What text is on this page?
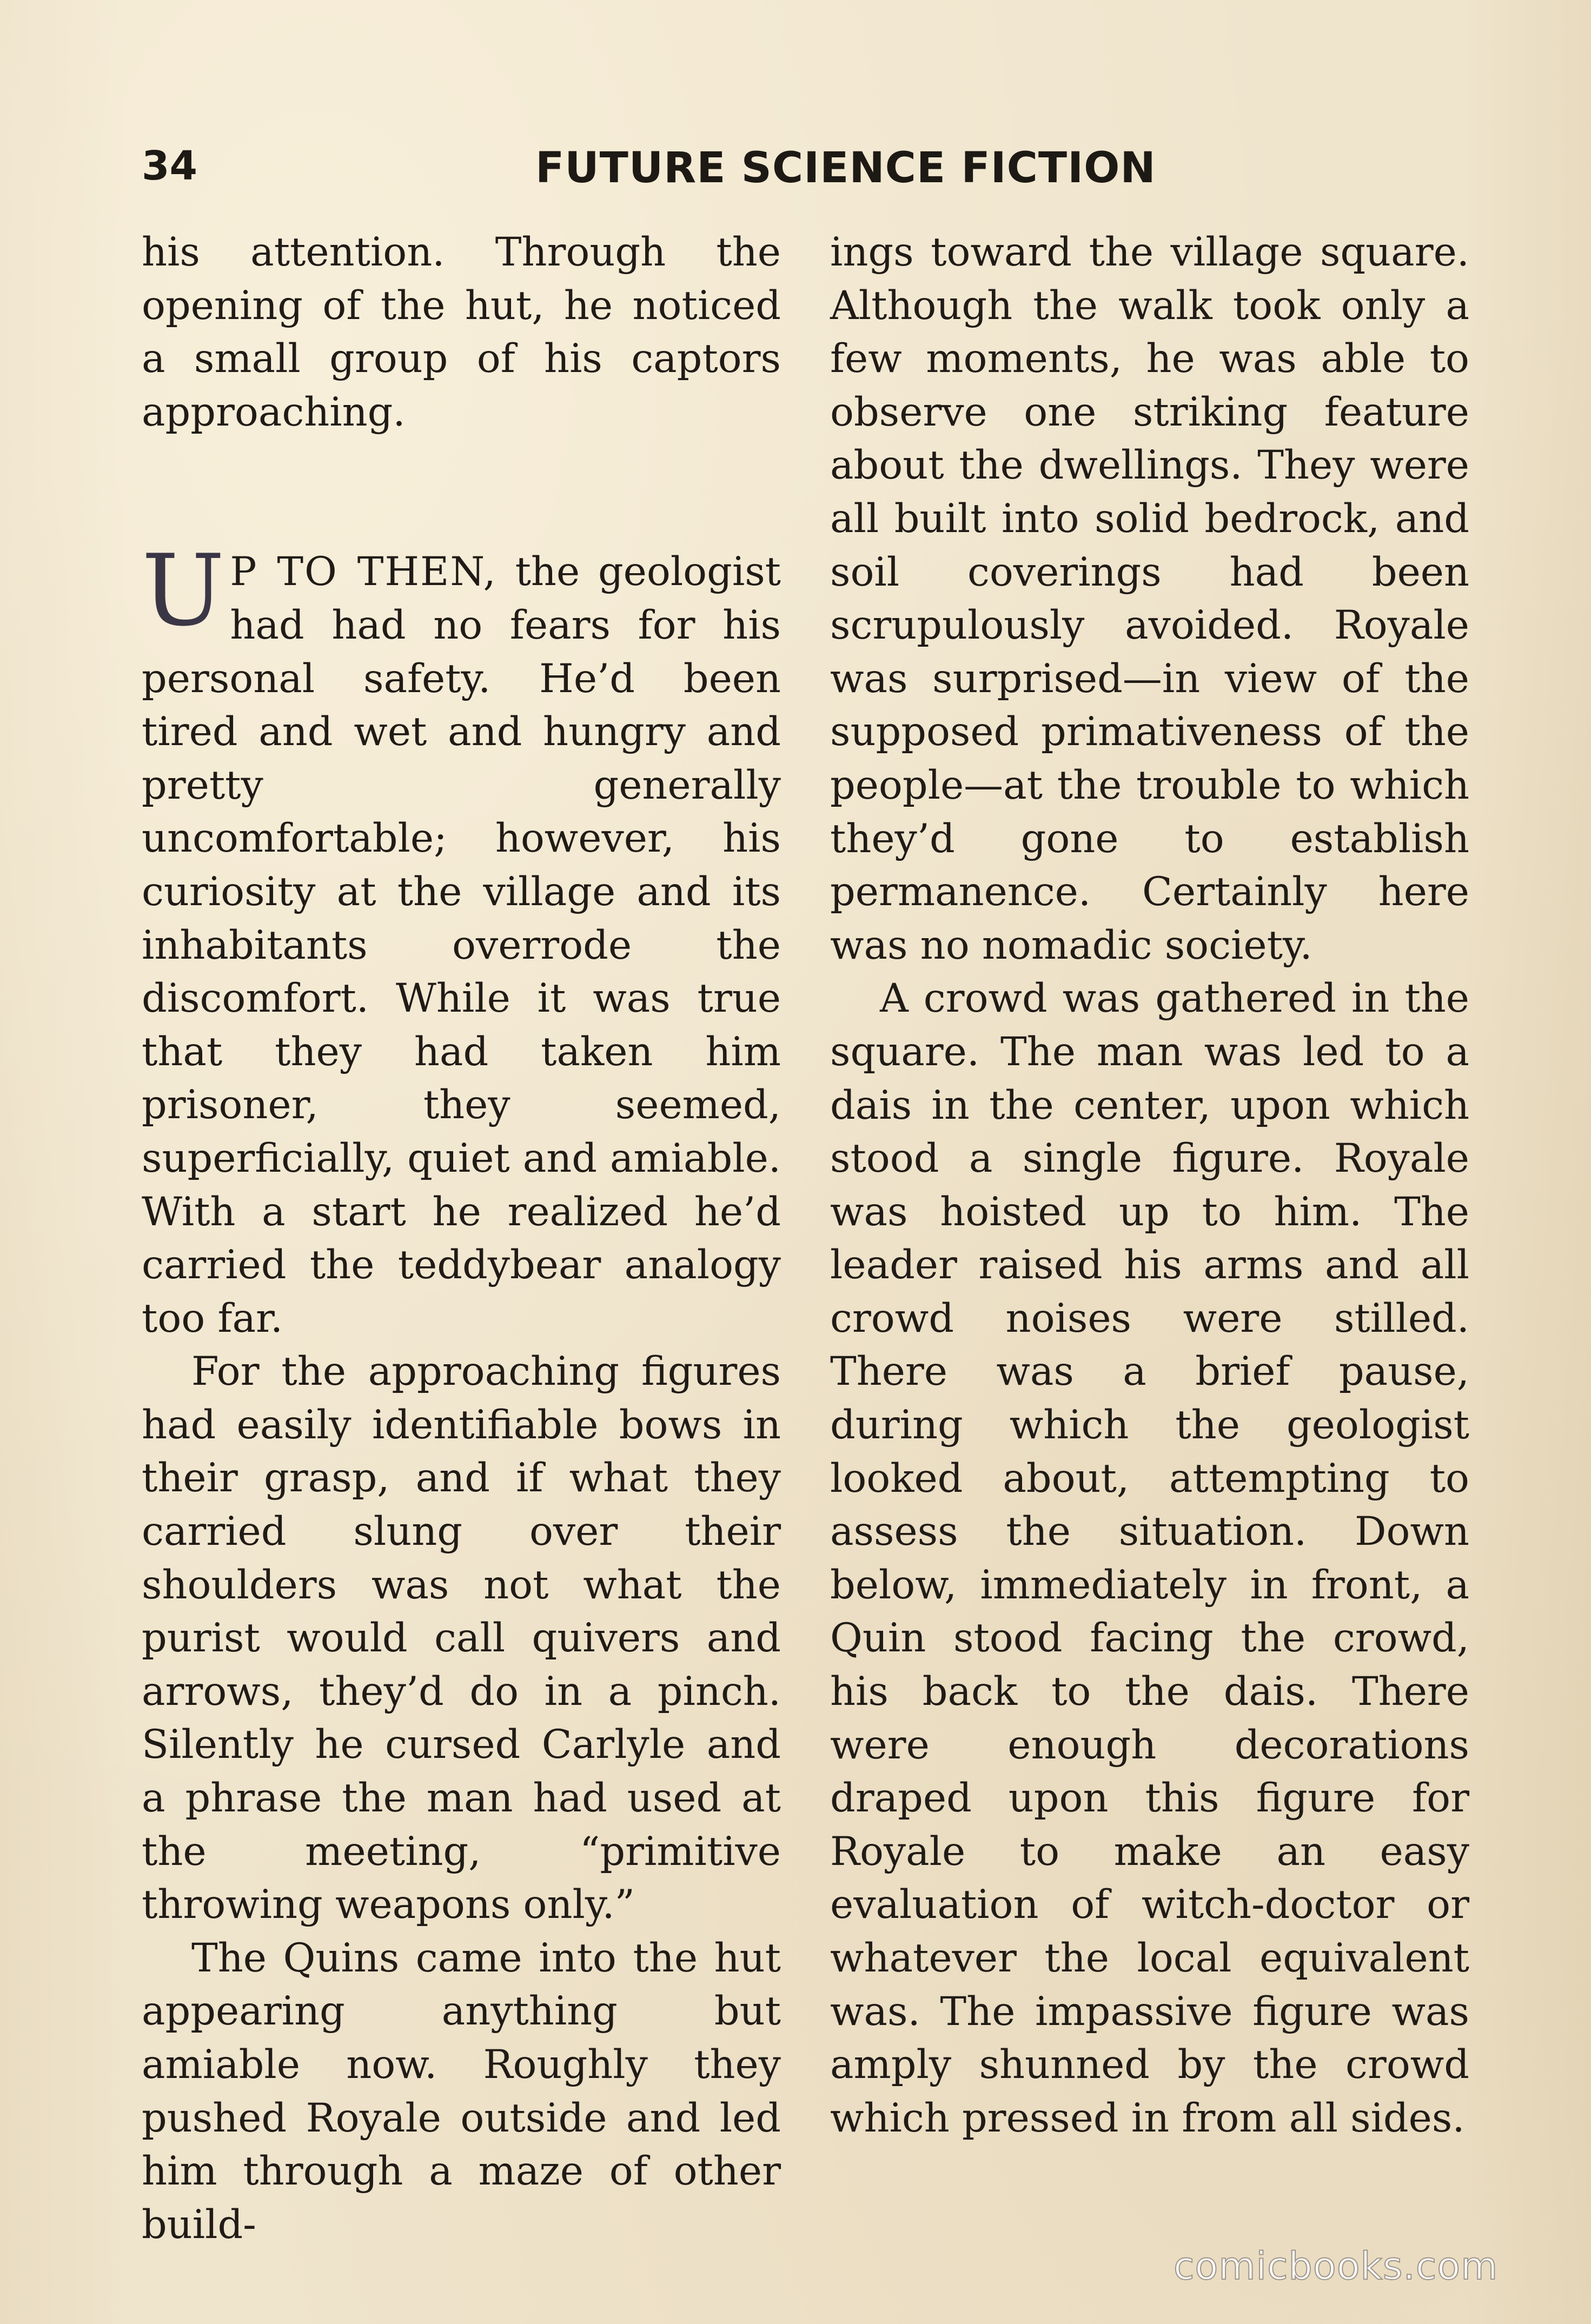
34	FUTURE SCIENCE FICTION

his attention. Through the opening of the hut, he noticed a small group of his captors approaching.

U P TO THEN, the geologist had had no fears for his personal safety. He’d been tired and wet and hungry and pretty generally uncomfortable; however, his curiosity at the village and its inhabitants overrode the discomfort. While it was true that they had taken him prisoner, they seemed, superficially, quiet and amiable. With a start he realized he’d carried the teddybear analogy too far.

For the approaching figures had easily identifiable bows in their grasp, and if what they carried slung over their shoulders was not what the purist would call quivers and arrows, they’d do in a pinch. Silently he cursed Carlyle and a phrase the man had used at the meeting, “primitive throwing weapons only.”

The Quins came into the hut appearing anything but amiable now. Roughly they pushed Royale outside and led him through a maze of other build-

ings toward the village square. Although the walk took only a few moments, he was able to observe one striking feature about the dwellings. They were all built into solid bedrock, and soil coverings had been scrupulously avoided. Royale was surprised—in view of the supposed primativeness of the people—at the trouble to which they’d gone to establish permanence. Certainly here was no nomadic society.

A crowd was gathered in the square. The man was led to a dais in the center, upon which stood a single figure. Royale was hoisted up to him. The leader raised his arms and all crowd noises were stilled. There was a brief pause, during which the geologist looked about, attempting to assess the situation. Down below, immediately in front, a Quin stood facing the crowd, his back to the dais. There were enough decorations draped upon this figure for Royale to make an easy evaluation of witch-doctor or whatever the local equivalent was. The impassive figure was amply shunned by the crowd which pressed in from all sides.

comicbooks.com
